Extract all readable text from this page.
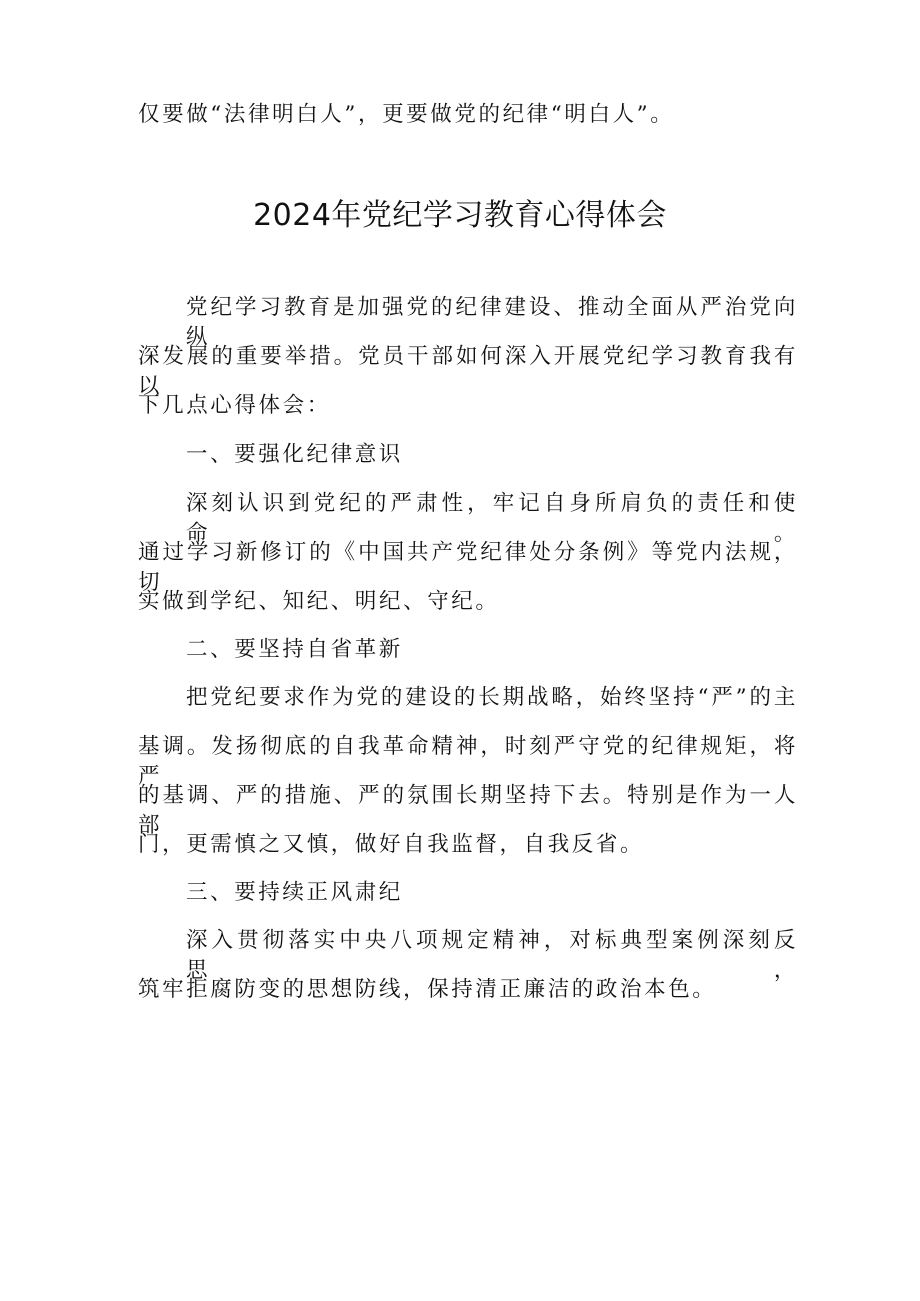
仅要做“法律明白人”，更要做党的纪律“明白人”。
2024年党纪学习教育心得体会
党纪学习教育是加强党的纪律建设、推动全面从严治党向纵
深发展的重要举措。党员干部如何深入开展党纪学习教育我有以
下几点心得体会：
一、要强化纪律意识
深刻认识到党纪的严肃性，牢记自身所肩负的责任和使命。
通过学习新修订的《中国共产党纪律处分条例》等党内法规，切
实做到学纪、知纪、明纪、守纪。
二、要坚持自省革新
把党纪要求作为党的建设的长期战略，始终坚持“严”的主
基调。发扬彻底的自我革命精神，时刻严守党的纪律规矩，将严
的基调、严的措施、严的氛围长期坚持下去。特别是作为一人部
门，更需慎之又慎，做好自我监督，自我反省。
三、要持续正风肃纪
深入贯彻落实中央八项规定精神，对标典型案例深刻反思，
筑牢拒腐防变的思想防线，保持清正廉洁的政治本色。
